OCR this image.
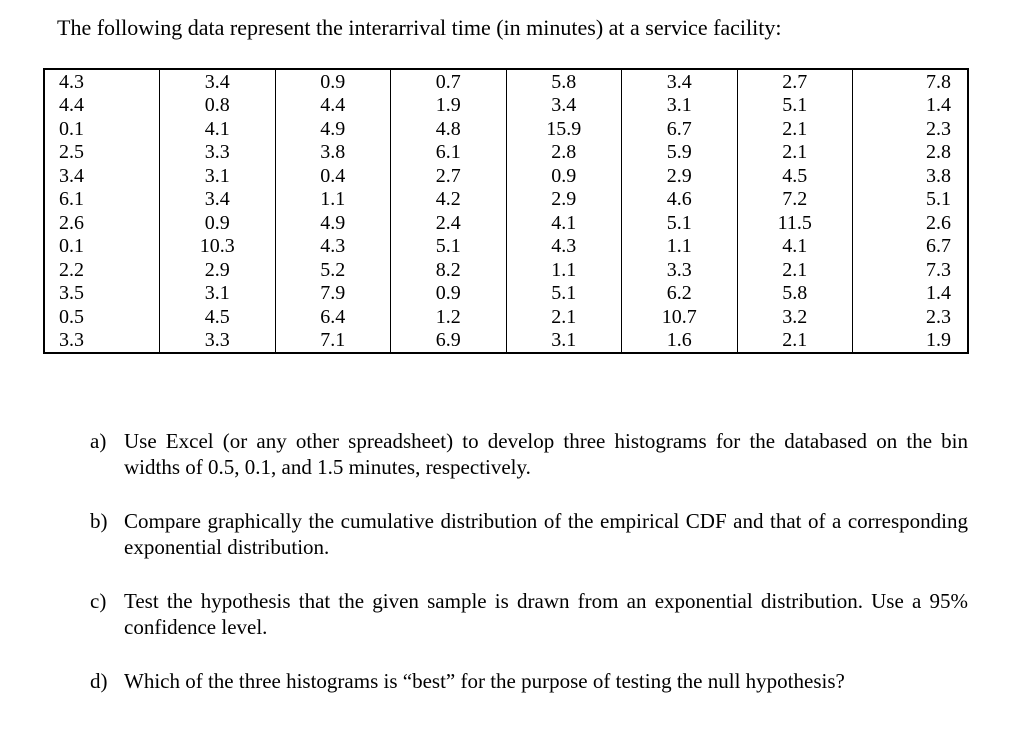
The following data represent the interarrival time (in minutes) at a service facility:
4.3	3.4	0.9	0.7	5.8	3.4	2.7	7.8
4.4	0.8	4.4	1.9	3.4	3.1	5.1	1.4
0.1	4.1	4.9	4.8	15.9	6.7	2.1	2.3
2.5	3.3	3.8	6.1	2.8	5.9	2.1	2.8
3.4	3.1	0.4	2.7	0.9	2.9	4.5	3.8
6.1	3.4	1.1	4.2	2.9	4.6	7.2	5.1
2.6	0.9	4.9	2.4	4.1	5.1	11.5	2.6
0.1	10.3	4.3	5.1	4.3	1.1	4.1	6.7
2.2	2.9	5.2	8.2	1.1	3.3	2.1	7.3
3.5	3.1	7.9	0.9	5.1	6.2	5.8	1.4
0.5	4.5	6.4	1.2	2.1	10.7	3.2	2.3
3.3	3.3	7.1	6.9	3.1	1.6	2.1	1.9
a) Use Excel (or any other spreadsheet) to develop three histograms for the databased on the bin widths of 0.5, 0.1, and 1.5 minutes, respectively.
b) Compare graphically the cumulative distribution of the empirical CDF and that of a corresponding exponential distribution.
c) Test the hypothesis that the given sample is drawn from an exponential distribution. Use a 95% confidence level.
d) Which of the three histograms is “best” for the purpose of testing the null hypothesis?
